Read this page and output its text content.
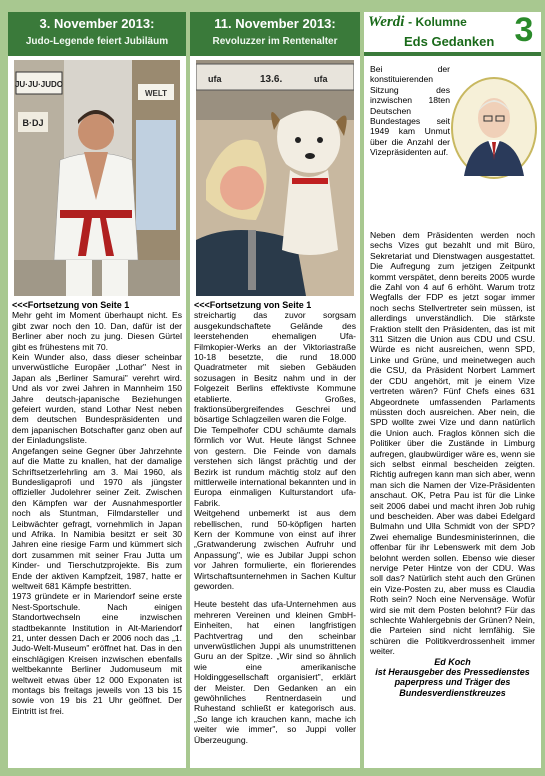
3. November 2013:
Judo-Legende feiert Jubiläum
JU·JU·JUDO
B·DJ
WELT

<<<Fortsetzung von Seite 1

Mehr geht im Moment überhaupt nicht. Es gibt zwar noch den 10. Dan, dafür ist der Berliner aber noch zu jung. Diesen Gürtel gibt es frühestens mit 70.

Kein Wunder also, dass dieser scheinbar unverwüstliche Europäer „Lothar" Nest in Japan als „Berliner Samurai" verehrt wird. Und als vor zwei Jahren in Mannheim 150 Jahre deutsch-japanische Beziehungen gefeiert wurden, stand Lothar Nest neben dem deutschen Bundespräsidenten und dem japanischen Botschafter ganz oben auf der Einladungsliste.

Angefangen seine Gegner über Jahrzehnte auf die Matte zu knallen, hat der damalige Schriftsetzerlehrling am 3. Mai 1960, als Bundesligaprofi und 1970 als jüngster offizieller Judolehrer seiner Zeit. Zwischen den Kämpfen war der Ausnahmesportler noch als Stuntman, Filmdarsteller und Leibwächter gefragt, vornehmlich in Japan und Afrika. In Namibia besitzt er seit 30 Jahren eine riesige Farm und kümmert sich dort zusammen mit seiner Frau Jutta um Kinder- und Tierschutzprojekte. Bis zum Ende der aktiven Kampfzeit, 1987, hatte er weltweit 681 Kämpfe bestritten.

1973 gründete er in Mariendorf seine erste Nest-Sportschule. Nach einigen Standortwechseln eine inzwischen stadtbekannte Institution in Alt-Mariendorf 21, unter dessen Dach er 2006 noch das „1. Judo-Welt-Museum" eröffnet hat. Das in den einschlägigen Kreisen inzwischen ebenfalls weltbekannte Berliner Judomuseum mit weltweit etwas über 12 000 Exponaten ist montags bis freitags jeweils von 13 bis 15 sowie von 19 bis 21 Uhr geöffnet. Der Eintritt ist frei.

11. November 2013:
Revoluzzer im Rentenalter
ufa	13.6.	ufa

<<<Fortsetzung von Seite 1

streichartig das zuvor sorgsam ausgekundschaftete Gelände des leerstehenden ehemaligen Ufa-Filmkopier-Werks an der Viktoriastraße 10-18 besetzte, die rund 18.000 Quadratmeter mit sieben Gebäuden sozusagen in Besitz nahm und in der Folgezeit Berlins effektivste Kommune etablierte. Großes, fraktionsübergreifendes Geschrei und bösartige Schlagzeilen waren die Folge.

Die Tempelhofer CDU schäumte damals förmlich vor Wut. Heute längst Schnee von gestern. Die Feinde von damals verstehen sich längst prächtig und der Bezirk ist rundum mächtig stolz auf den mittlerweile international bekannten und in Europa einmaligen Kulturstandort ufa-Fabrik.

Weitgehend unbemerkt ist aus dem rebellischen, rund 50-köpfigen harten Kern der Kommune von einst auf ihrer „Gratwanderung zwischen Aufruhr und Anpassung", wie es Jubilar Juppi schon vor Jahren formulierte, ein florierendes Wirtschaftsunternehmen in Sachen Kultur geworden.

Heute besteht das ufa-Unternehmen aus mehreren Vereinen und kleinen GmbH-Einheiten, hat einen langfristigen Pachtvertrag und den scheinbar unverwüstlichen Juppi als unumstrittenen Guru an der Spitze. „Wir sind so ähnlich wie eine amerikanische Holdinggesellschaft organisiert", erklärt der Meister. Den Gedanken an ein gewöhnliches Rentnerdasein und Ruhestand schließt er kategorisch aus. „So lange ich krauchen kann, mache ich weiter wie immer", so Juppi voller Überzeugung.

Werdi - Kolumne
Eds Gedanken 3
Bei der konstituierenden Sitzung des inzwischen 18ten Deutschen Bundestages seit 1949 kam Unmut über die Anzahl der Vizepräsidenten auf.

Neben dem Präsidenten werden noch sechs Vizes gut bezahlt und mit Büro, Sekretariat und Dienstwagen ausgestattet. Die Aufregung zum jetzigen Zeitpunkt kommt verspätet, denn bereits 2005 wurde die Zahl von 4 auf 6 erhöht. Warum trotz Wegfalls der FDP es jetzt sogar immer noch sechs Stellvertreter sein müssen, ist allerdings unverständlich. Die stärkste Fraktion stellt den Präsidenten, das ist mit 311 Sitzen die Union aus CDU und CSU. Würde es nicht ausreichen, wenn SPD, Linke und Grüne, und meinetwegen auch die CSU, da Präsident Norbert Lammert der CDU angehört, mit je einem Vize vertreten wären? Fünf Chefs eines 631 Abgeordnete umfassenden Parlaments müssten doch ausreichen. Aber nein, die SPD wollte zwei Vize und dann natürlich die Union auch. Fraglos können sich die Politiker über die Zustände in Limburg aufregen, glaubwürdiger wäre es, wenn sie sich selbst einmal bescheiden zeigten. Richtig aufregen kann man sich aber, wenn man sich die Namen der Vize-Präsidenten anschaut. OK, Petra Pau ist für die Linke seit 2006 dabei und macht ihren Job ruhig und bescheiden. Aber was dabei Edelgard Bulmahn und Ulla Schmidt von der SPD? Zwei ehemalige Bundesministerinnen, die offenbar für ihr Lebenswerk mit dem Job belohnt werden sollen. Ebenso wie dieser nervige Peter Hintze von der CDU. Was soll das? Natürlich steht auch den Grünen ein Vize-Posten zu, aber muss es Claudia Roth sein? Noch eine Nervensäge. Wofür wird sie mit dem Posten belohnt? Für das schlechte Wahlergebnis der Grünen? Nein, die Parteien sind nicht lernfähig. Sie schüren die Politikverdrossenheit immer weiter.

Ed Koch

ist Herausgeber des Pressedienstes paperpress und Träger des Bundesverdienstkreuzes
